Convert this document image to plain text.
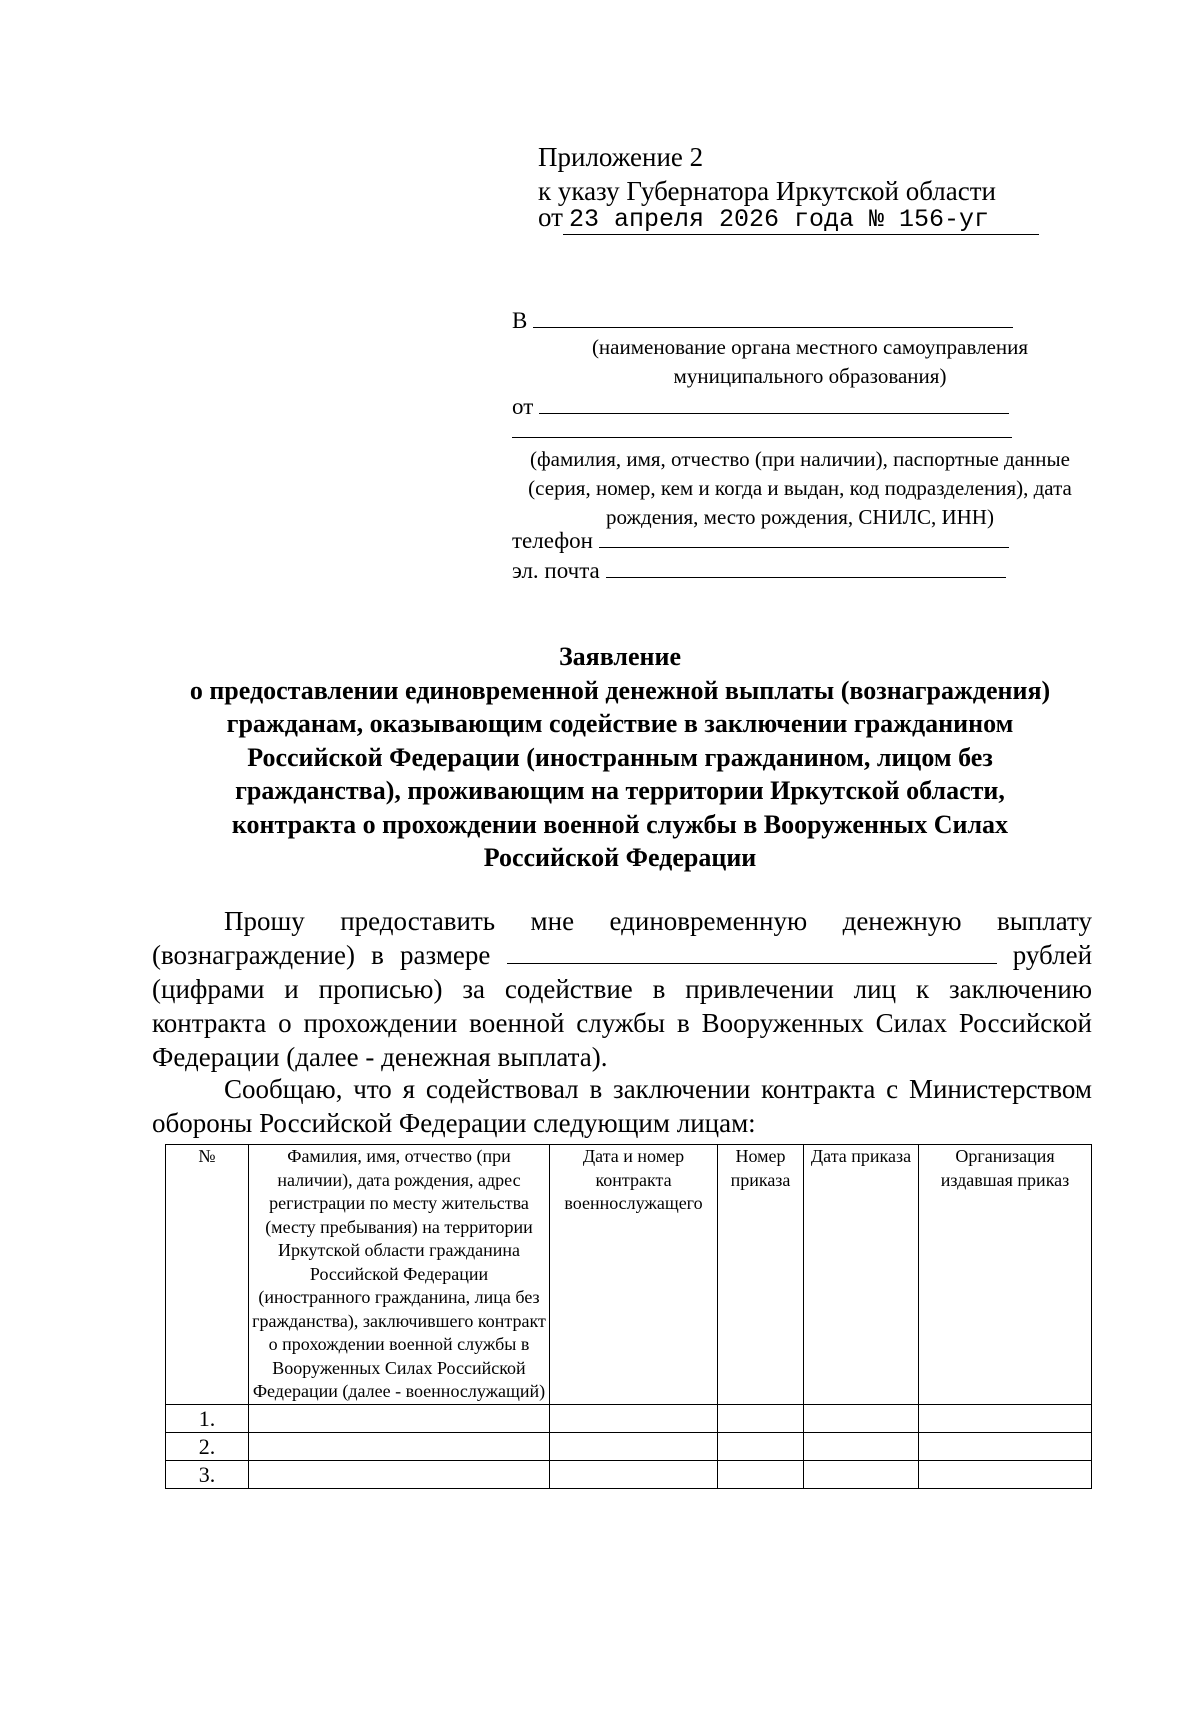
Приложение 2
к указу Губернатора Иркутской области
от 23 апреля 2026 года № 156-уг
В
(наименование органа местного самоуправления
муниципального образования)
от
(фамилия, имя, отчество (при наличии), паспортные данные
(серия, номер, кем и когда и выдан, код подразделения), дата
рождения, место рождения, СНИЛС, ИНН)
телефон
эл. почта
Заявление
о предоставлении единовременной денежной выплаты (вознаграждения)
гражданам, оказывающим содействие в заключении гражданином
Российской Федерации (иностранным гражданином, лицом без
гражданства), проживающим на территории Иркутской области,
контракта о прохождении военной службы в Вооруженных Силах
Российской Федерации
Прошу предоставить мне единовременную денежную выплату (вознаграждение) в размере	рублей (цифрами и прописью) за содействие в привлечении лиц к заключению контракта о прохождении военной службы в Вооруженных Силах Российской Федерации (далее - денежная выплата).
Сообщаю, что я содействовал в заключении контракта с Министерством обороны Российской Федерации следующим лицам:
№	Фамилия, имя, отчество (при наличии), дата рождения, адрес регистрации по месту жительства (месту пребывания) на территории Иркутской области гражданина Российской Федерации (иностранного гражданина, лица без гражданства), заключившего контракт о прохождении военной службы в Вооруженных Силах Российской Федерации (далее - военнослужащий)	Дата и номер контракта военнослужащего	Номер приказа	Дата приказа	Организация издавшая приказ
1.					
2.					
3.					
